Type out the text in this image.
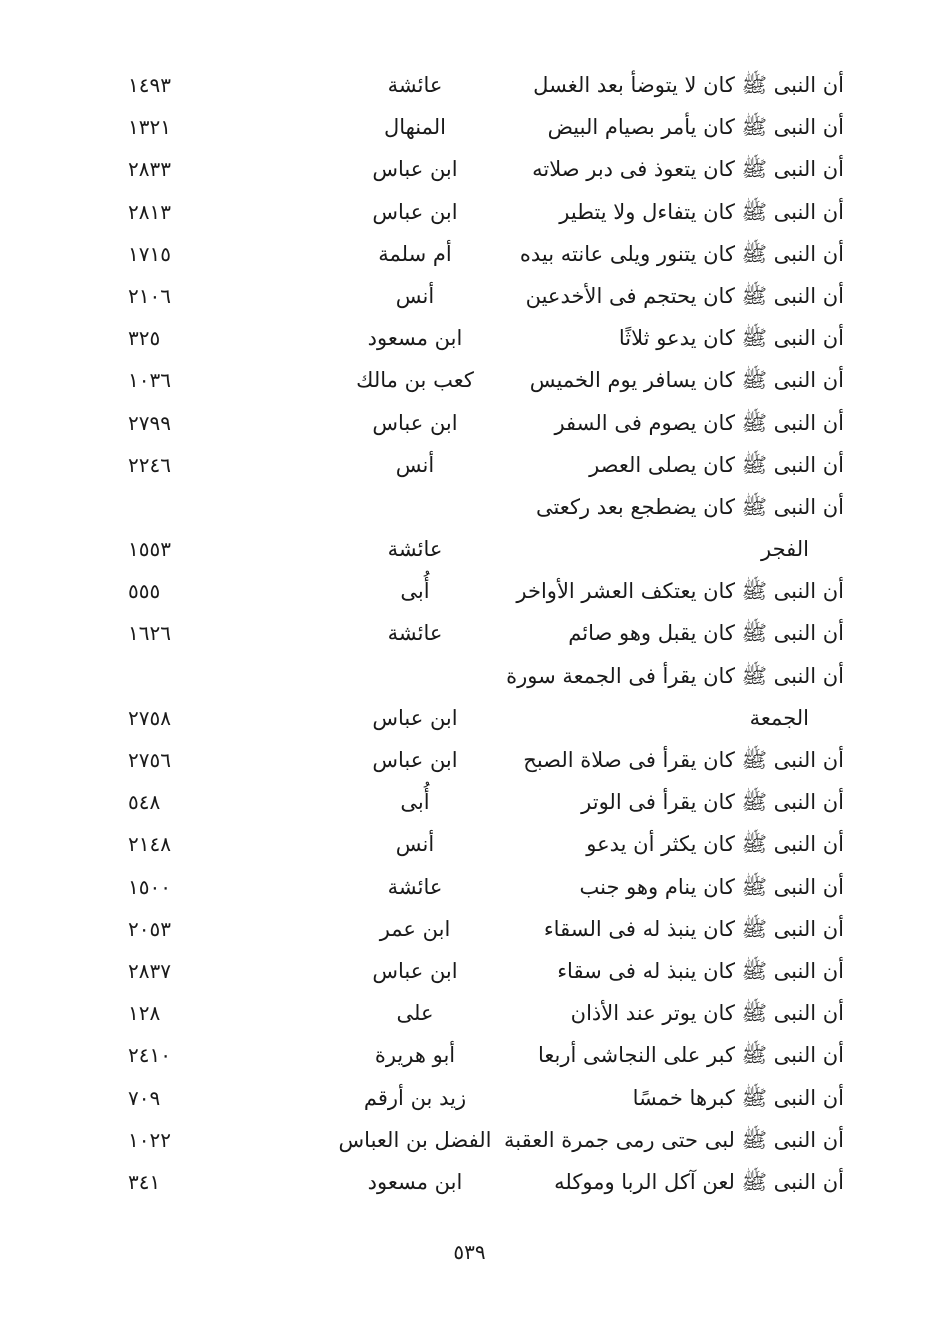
أن النبى ﷺ كان لا يتوضأ بعد الغسل
عائشة
١٤٩٣
أن النبى ﷺ كان يأمر بصيام البيض
المنهال
١٣٢١
أن النبى ﷺ كان يتعوذ فى دبر صلاته
ابن عباس
٢٨٣٣
أن النبى ﷺ كان يتفاءل ولا يتطير
ابن عباس
٢٨١٣
أن النبى ﷺ كان يتنور ويلى عانته بيده
أم سلمة
١٧١٥
أن النبى ﷺ كان يحتجم فى الأخدعين
أنس
٢١٠٦
أن النبى ﷺ كان يدعو ثلاثًا
ابن مسعود
٣٢٥
أن النبى ﷺ كان يسافر يوم الخميس
كعب بن مالك
١٠٣٦
أن النبى ﷺ كان يصوم فى السفر
ابن عباس
٢٧٩٩
أن النبى ﷺ كان يصلى العصر
أنس
٢٢٤٦
أن النبى ﷺ كان يضطجع بعد ركعتى
الفجر
عائشة
١٥٥٣
أن النبى ﷺ كان يعتكف العشر الأواخر
أُبى
٥٥٥
أن النبى ﷺ كان يقبل وهو صائم
عائشة
١٦٢٦
أن النبى ﷺ كان يقرأ فى الجمعة سورة
الجمعة
ابن عباس
٢٧٥٨
أن النبى ﷺ كان يقرأ فى صلاة الصبح
ابن عباس
٢٧٥٦
أن النبى ﷺ كان يقرأ فى الوتر
أُبى
٥٤٨
أن النبى ﷺ كان يكثر أن يدعو
أنس
٢١٤٨
أن النبى ﷺ كان ينام وهو جنب
عائشة
١٥٠٠
أن النبى ﷺ كان ينبذ له فى السقاء
ابن عمر
٢٠٥٣
أن النبى ﷺ كان ينبذ له فى سقاء
ابن عباس
٢٨٣٧
أن النبى ﷺ كان يوتر عند الأذان
على
١٢٨
أن النبى ﷺ كبر على النجاشى أربعا
أبو هريرة
٢٤١٠
أن النبى ﷺ كبرها خمسًا
زيد بن أرقم
٧٠٩
أن النبى ﷺ لبى حتى رمى جمرة العقبة
الفضل بن العباس
١٠٢٢
أن النبى ﷺ لعن آكل الربا وموكله
ابن مسعود
٣٤١
٥٣٩
